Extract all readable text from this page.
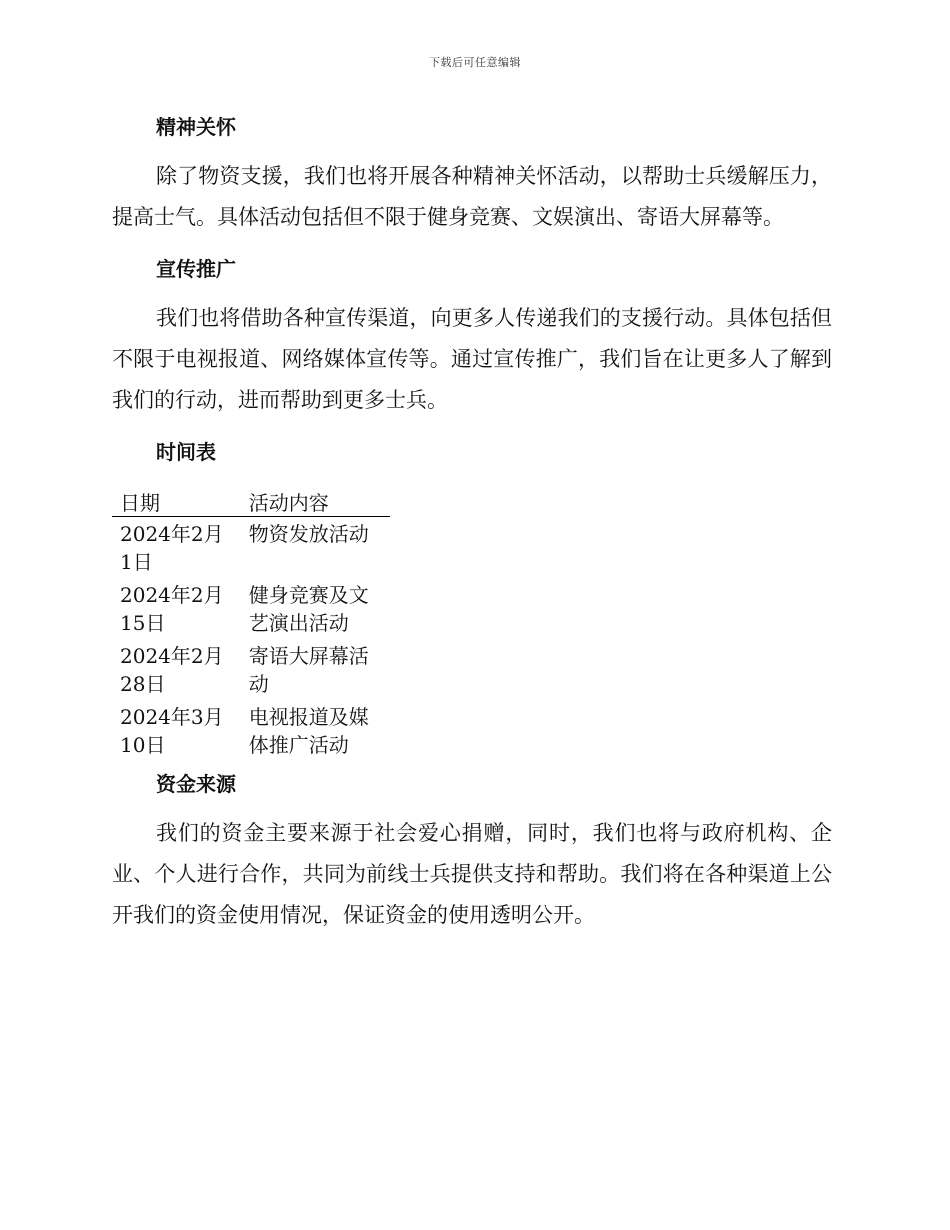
下载后可任意编辑
精神关怀

除了物资支援，我们也将开展各种精神关怀活动，以帮助士兵缓解压力，提高士气。具体活动包括但不限于健身竞赛、文娱演出、寄语大屏幕等。

宣传推广

我们也将借助各种宣传渠道，向更多人传递我们的支援行动。具体包括但不限于电视报道、网络媒体宣传等。通过宣传推广，我们旨在让更多人了解到我们的行动，进而帮助到更多士兵。

时间表
日期	活动内容
2024年2月1日	物资发放活动
2024年2月15日	健身竞赛及文艺演出活动
2024年2月28日	寄语大屏幕活动
2024年3月10日	电视报道及媒体推广活动
资金来源

我们的资金主要来源于社会爱心捐赠，同时，我们也将与政府机构、企业、个人进行合作，共同为前线士兵提供支持和帮助。我们将在各种渠道上公开我们的资金使用情况，保证资金的使用透明公开。
